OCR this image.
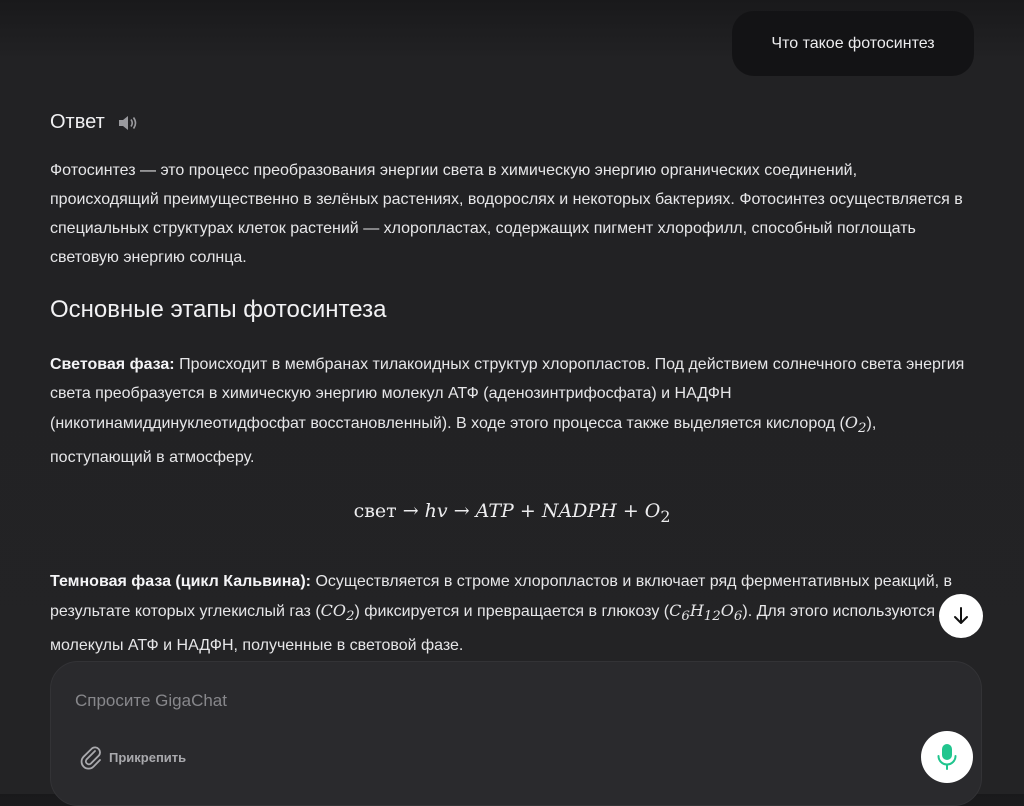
Что такое фотосинтез
Ответ

Фотосинтез — это процесс преобразования энергии света в химическую энергию органических соединений, происходящий преимущественно в зелёных растениях, водорослях и некоторых бактериях. Фотосинтез осуществляется в специальных структурах клеток растений — хлоропластах, содержащих пигмент хлорофилл, способный поглощать световую энергию солнца.

Основные этапы фотосинтеза

Световая фаза: Происходит в мембранах тилакоидных структур хлоропластов. Под действием солнечного света энергия света преобразуется в химическую энергию молекул АТФ (аденозинтрифосфата) и НАДФН (никотинамиддинуклеотидфосфат восстановленный). В ходе этого процесса также выделяется кислород $(O_2)$, поступающий в атмосферу.

свет → hv → ATP + NADPH + $O_2$

Темновая фаза (цикл Кальвина): Осуществляется в строме хлоропластов и включает ряд ферментативных реакций, в результате которых углекислый газ $(CO_2)$ фиксируется и превращается в глюкозу $(C_6H_{12}O_6)$. Для этого используются молекулы АТФ и НАДФН, полученные в световой фазе.

Спросите GigaChat
Прикрепить
